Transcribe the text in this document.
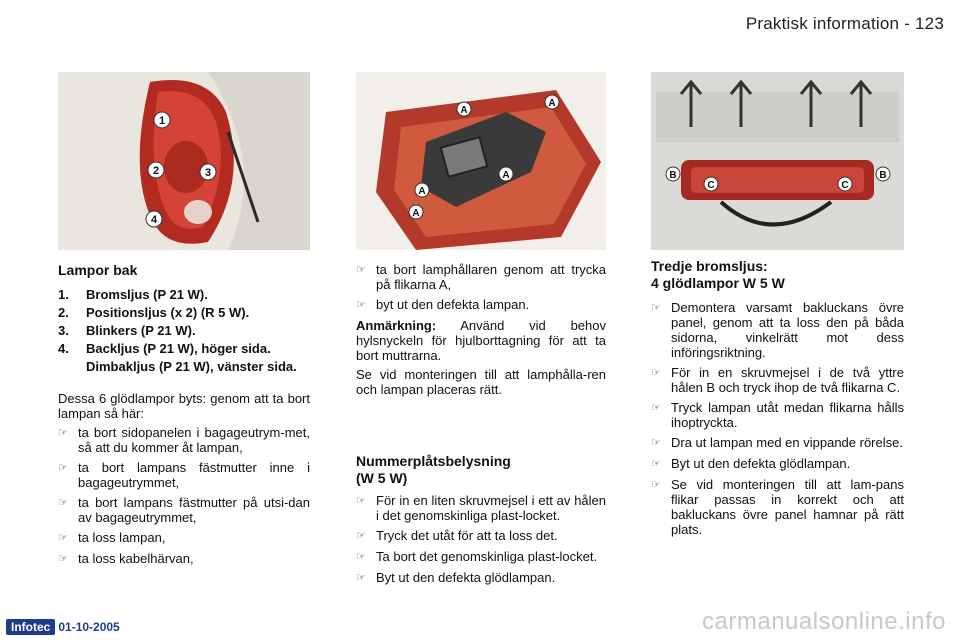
Praktisk information - 123
1
2	3
4
A
A
A
A
A	B	B
C	C
Lampor bak
1.	Bromsljus (P 21 W).
2.	Positionsljus (x 2) (R 5 W).
3.	Blinkers (P 21 W).
4.	Backljus (P 21 W), höger sida.
Dimbakljus (P 21 W), vänster sida.

Dessa 6 glödlampor byts: genom att ta bort lampan så här:

☞ ta bort sidopanelen i bagageutrym-met, så att du kommer åt lampan,
☞ ta bort lampans fästmutter inne i bagageutrymmet,
☞ ta bort lampans fästmutter på utsi-dan av bagageutrymmet,
☞ ta loss lampan,
☞ ta loss kabelhärvan,
☞ ta bort lamphållaren genom att trycka på flikarna A,
☞ byt ut den defekta lampan.

Anmärkning: Använd vid behov hylsnyckeln för hjulborttagning för att ta bort muttrarna.

Se vid monteringen till att lamphålla-ren och lampan placeras rätt.

Nummerplåtsbelysning
(W 5 W)
☞ För in en liten skruvmejsel i ett av hålen i det genomskinliga plast-locket.
☞ Tryck det utåt för att ta loss det.
☞ Ta bort det genomskinliga plast-locket.
☞ Byt ut den defekta glödlampan.
Tredje bromsljus:
4 glödlampor W 5 W
☞ Demontera varsamt bakluckans övre panel, genom att ta loss den på båda sidorna, vinkelrätt mot dess införingsriktning.
☞ För in en skruvmejsel i de två yttre hålen B och tryck ihop de två flikarna C.
☞ Tryck lampan utåt medan flikarna hålls ihoptryckta.
☞ Dra ut lampan med en vippande rörelse.
☞ Byt ut den defekta glödlampan.
☞ Se vid monteringen till att lam-pans flikar passas in korrekt och att bakluckans övre panel hamnar på rätt plats.
Infotec 01-10-2005	carmanualsonline.info
